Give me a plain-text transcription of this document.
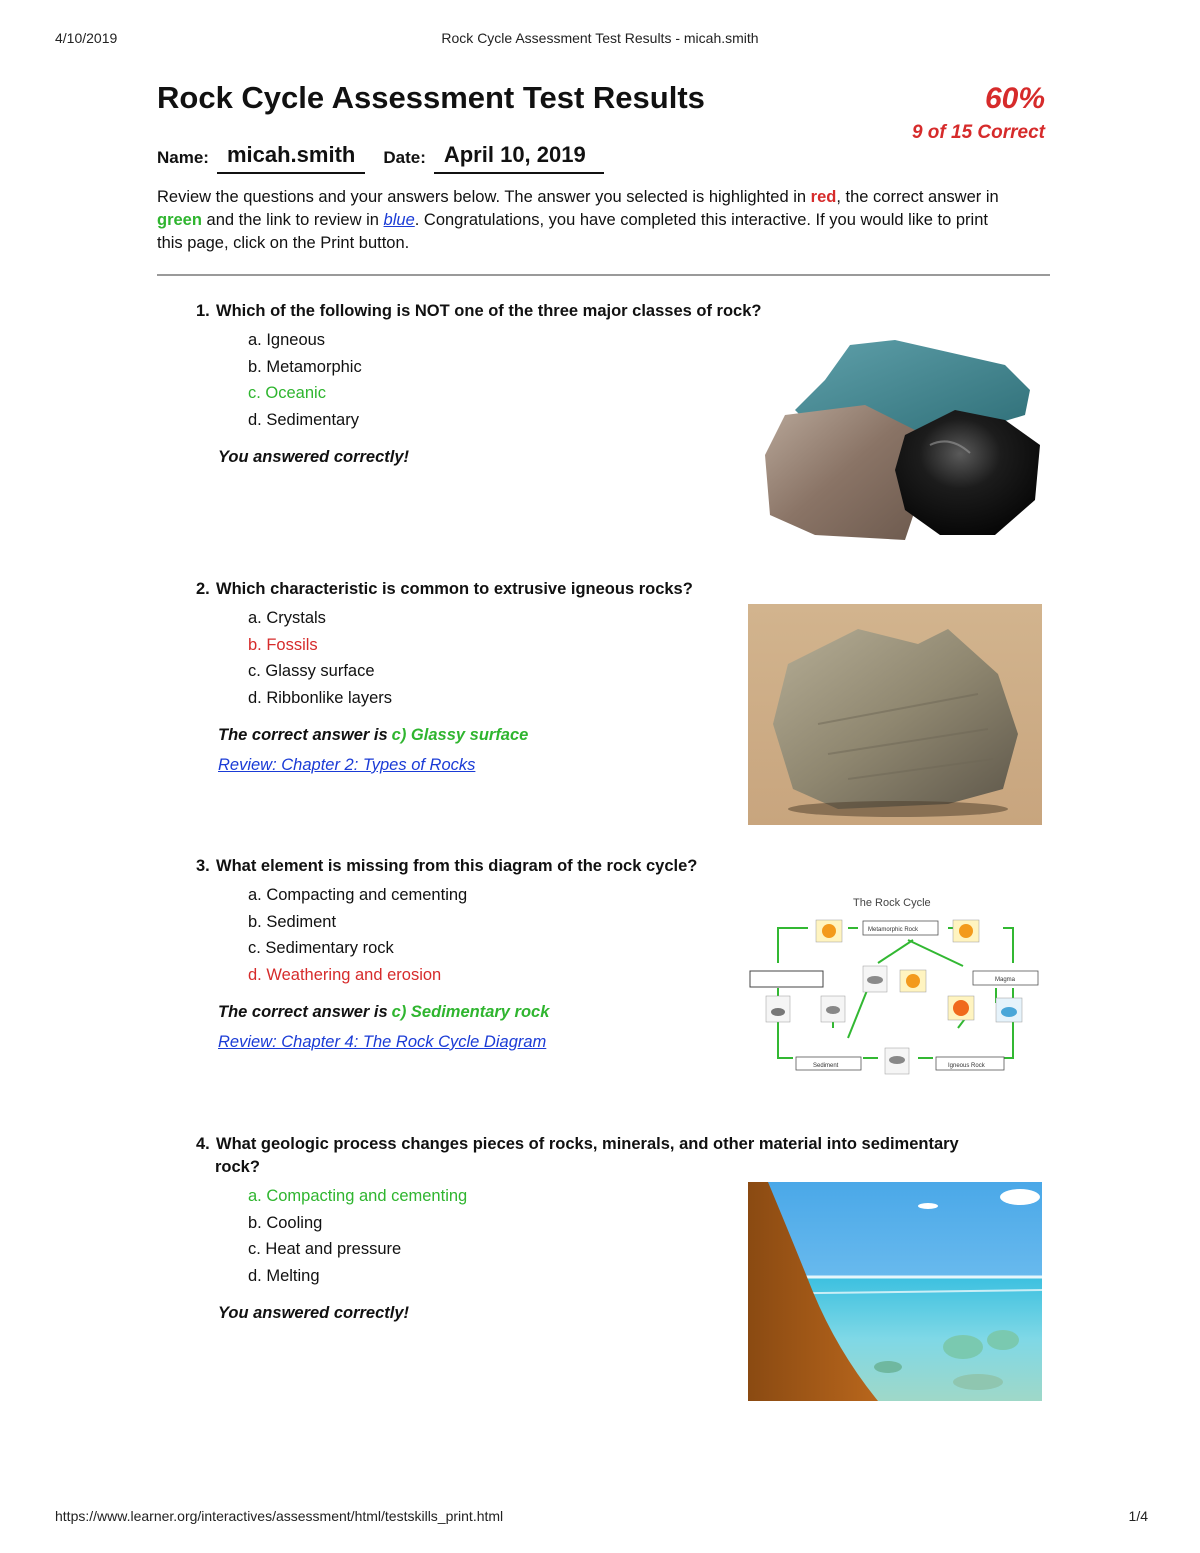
4/10/2019	Rock Cycle Assessment Test Results - micah.smith
Rock Cycle Assessment Test Results	60%
9 of 15 Correct
Name: micah.smith	Date: April 10, 2019

Review the questions and your answers below. The answer you selected is highlighted in red, the correct answer in green and the link to review in blue. Congratulations, you have completed this interactive. If you would like to print this page, click on the Print button.

1. Which of the following is NOT one of the three major classes of rock?

a. Igneous
b. Metamorphic
c. Oceanic
d. Sedimentary
You answered correctly!

2. Which characteristic is common to extrusive igneous rocks?

a. Crystals
b. Fossils
c. Glassy surface
d. Ribbonlike layers
The correct answer is c) Glassy surface
Review: Chapter 2: Types of Rocks

3. What element is missing from this diagram of the rock cycle?

a. Compacting and cementing
b. Sediment
c. Sedimentary rock
d. Weathering and erosion
The correct answer is c) Sedimentary rock
Review: Chapter 4: The Rock Cycle Diagram
The Rock Cycle
Metamorphic Rock
Magma
Sediment	Igneous Rock

4. What geologic process changes pieces of rocks, minerals, and other material into sedimentary
rock?

a. Compacting and cementing
b. Cooling
c. Heat and pressure
d. Melting
You answered correctly!
https://www.learner.org/interactives/assessment/html/testskills_print.html	1/4
